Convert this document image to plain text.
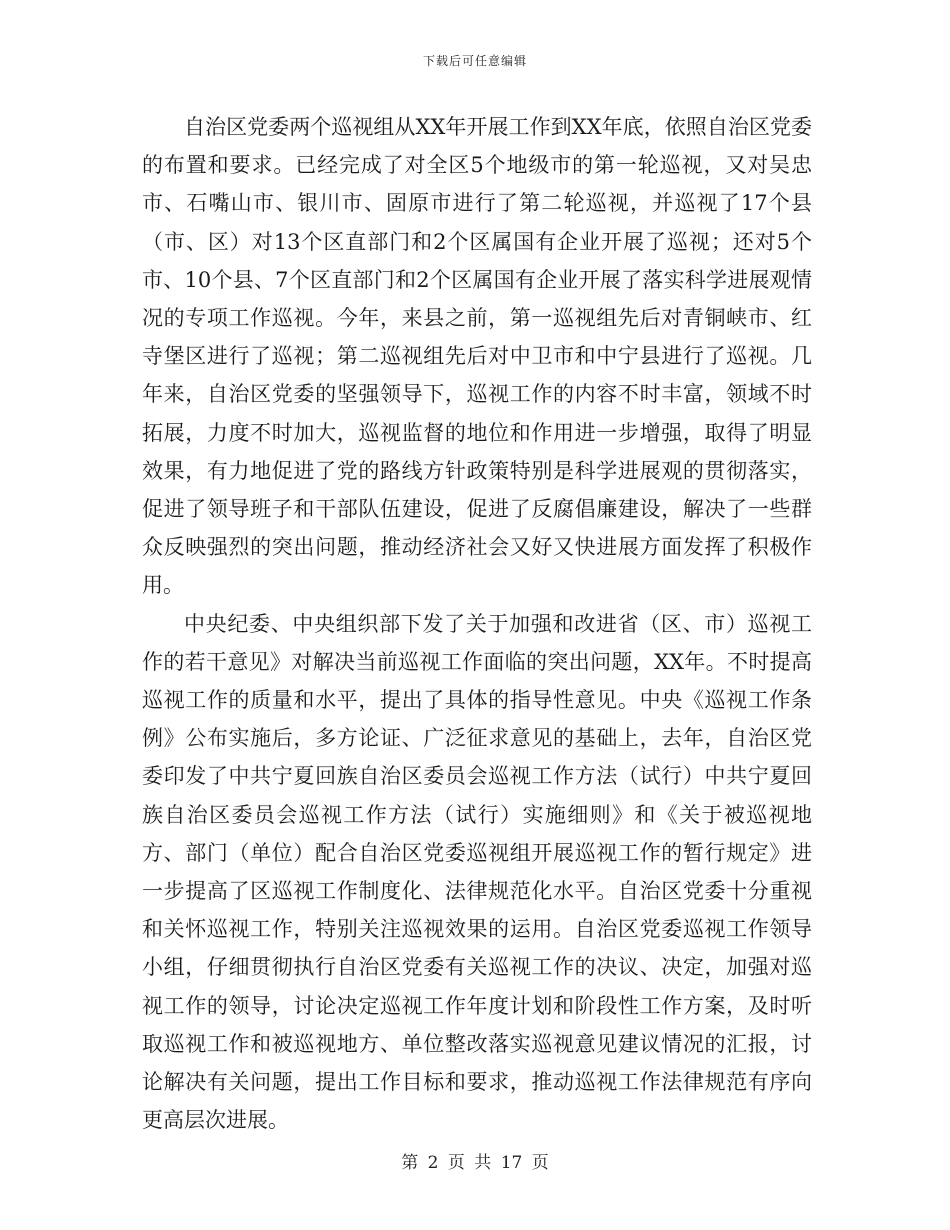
下载后可任意编辑

自治区党委两个巡视组从XX年开展工作到XX年底，依照自治区党委的布置和要求。已经完成了对全区5个地级市的第一轮巡视，又对吴忠市、石嘴山市、银川市、固原市进行了第二轮巡视，并巡视了17个县（市、区）对13个区直部门和2个区属国有企业开展了巡视；还对5个市、10个县、7个区直部门和2个区属国有企业开展了落实科学进展观情况的专项工作巡视。今年，来县之前，第一巡视组先后对青铜峡市、红寺堡区进行了巡视；第二巡视组先后对中卫市和中宁县进行了巡视。几年来，自治区党委的坚强领导下，巡视工作的内容不时丰富，领域不时拓展，力度不时加大，巡视监督的地位和作用进一步增强，取得了明显效果，有力地促进了党的路线方针政策特别是科学进展观的贯彻落实，促进了领导班子和干部队伍建设，促进了反腐倡廉建设，解决了一些群众反映强烈的突出问题，推动经济社会又好又快进展方面发挥了积极作用。

中央纪委、中央组织部下发了关于加强和改进省（区、市）巡视工作的若干意见》对解决当前巡视工作面临的突出问题，XX年。不时提高巡视工作的质量和水平，提出了具体的指导性意见。中央《巡视工作条例》公布实施后，多方论证、广泛征求意见的基础上，去年，自治区党委印发了中共宁夏回族自治区委员会巡视工作方法（试行）中共宁夏回族自治区委员会巡视工作方法（试行）实施细则》和《关于被巡视地方、部门（单位）配合自治区党委巡视组开展巡视工作的暂行规定》进一步提高了区巡视工作制度化、法律规范化水平。自治区党委十分重视和关怀巡视工作，特别关注巡视效果的运用。自治区党委巡视工作领导小组，仔细贯彻执行自治区党委有关巡视工作的决议、决定，加强对巡视工作的领导，讨论决定巡视工作年度计划和阶段性工作方案，及时听取巡视工作和被巡视地方、单位整改落实巡视意见建议情况的汇报，讨论解决有关问题，提出工作目标和要求，推动巡视工作法律规范有序向更高层次进展。

第 2 页 共 17 页
